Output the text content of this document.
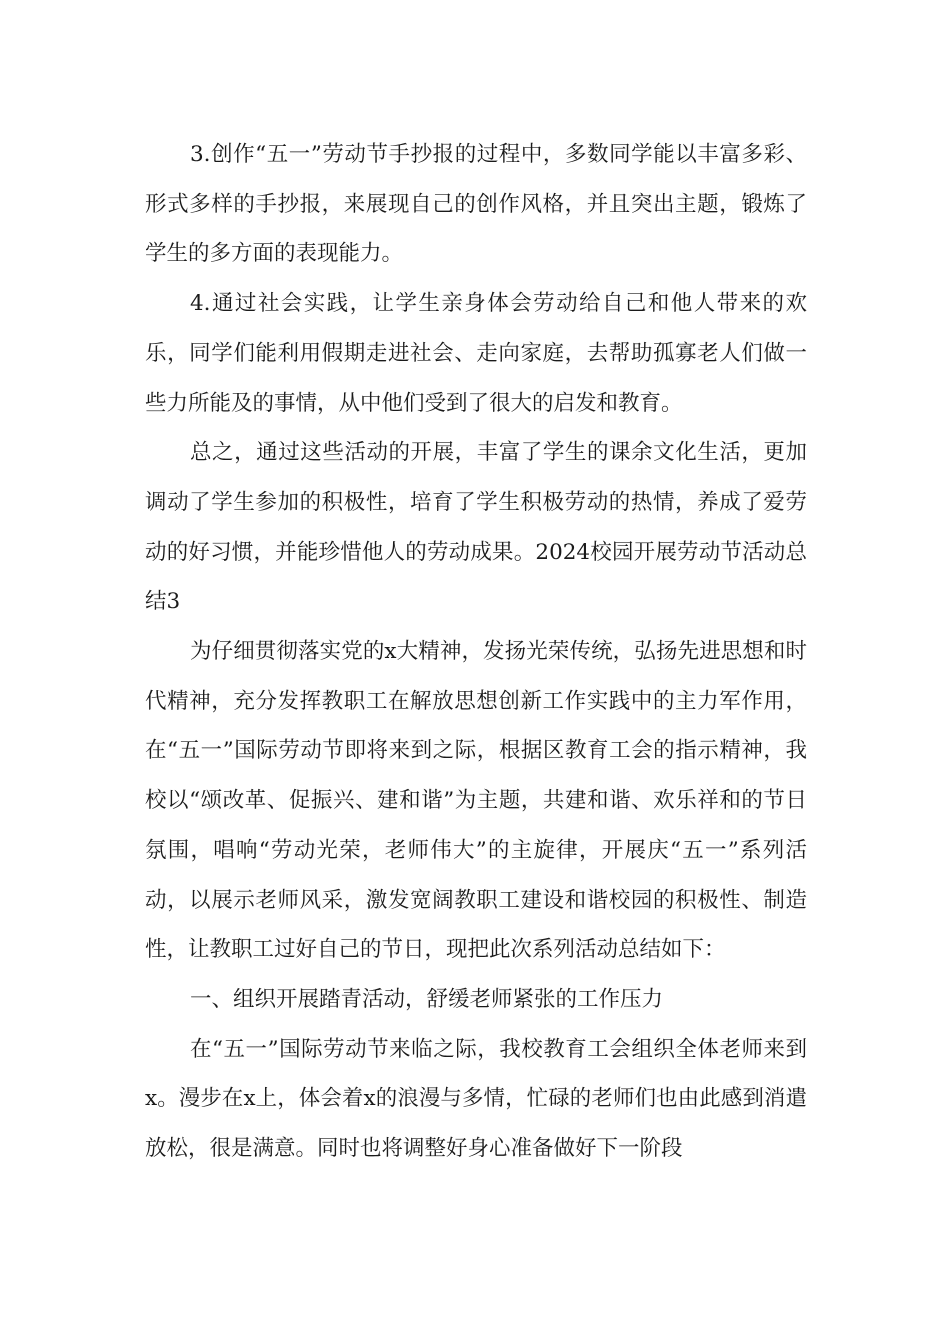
3.创作“五一”劳动节手抄报的过程中，多数同学能以丰富多彩、形式多样的手抄报，来展现自己的创作风格，并且突出主题，锻炼了学生的多方面的表现能力。

4.通过社会实践，让学生亲身体会劳动给自己和他人带来的欢乐，同学们能利用假期走进社会、走向家庭，去帮助孤寡老人们做一些力所能及的事情，从中他们受到了很大的启发和教育。

总之，通过这些活动的开展，丰富了学生的课余文化生活，更加调动了学生参加的积极性，培育了学生积极劳动的热情，养成了爱劳动的好习惯，并能珍惜他人的劳动成果。2024校园开展劳动节活动总结3

为仔细贯彻落实党的x大精神，发扬光荣传统，弘扬先进思想和时代精神，充分发挥教职工在解放思想创新工作实践中的主力军作用，在“五一”国际劳动节即将来到之际，根据区教育工会的指示精神，我校以“颂改革、促振兴、建和谐”为主题，共建和谐、欢乐祥和的节日氛围，唱响“劳动光荣，老师伟大”的主旋律，开展庆“五一”系列活动，以展示老师风采，激发宽阔教职工建设和谐校园的积极性、制造性，让教职工过好自己的节日，现把此次系列活动总结如下：

一、组织开展踏青活动，舒缓老师紧张的工作压力

在“五一”国际劳动节来临之际，我校教育工会组织全体老师来到x。漫步在x上，体会着x的浪漫与多情，忙碌的老师们也由此感到消遣放松，很是满意。同时也将调整好身心准备做好下一阶段
